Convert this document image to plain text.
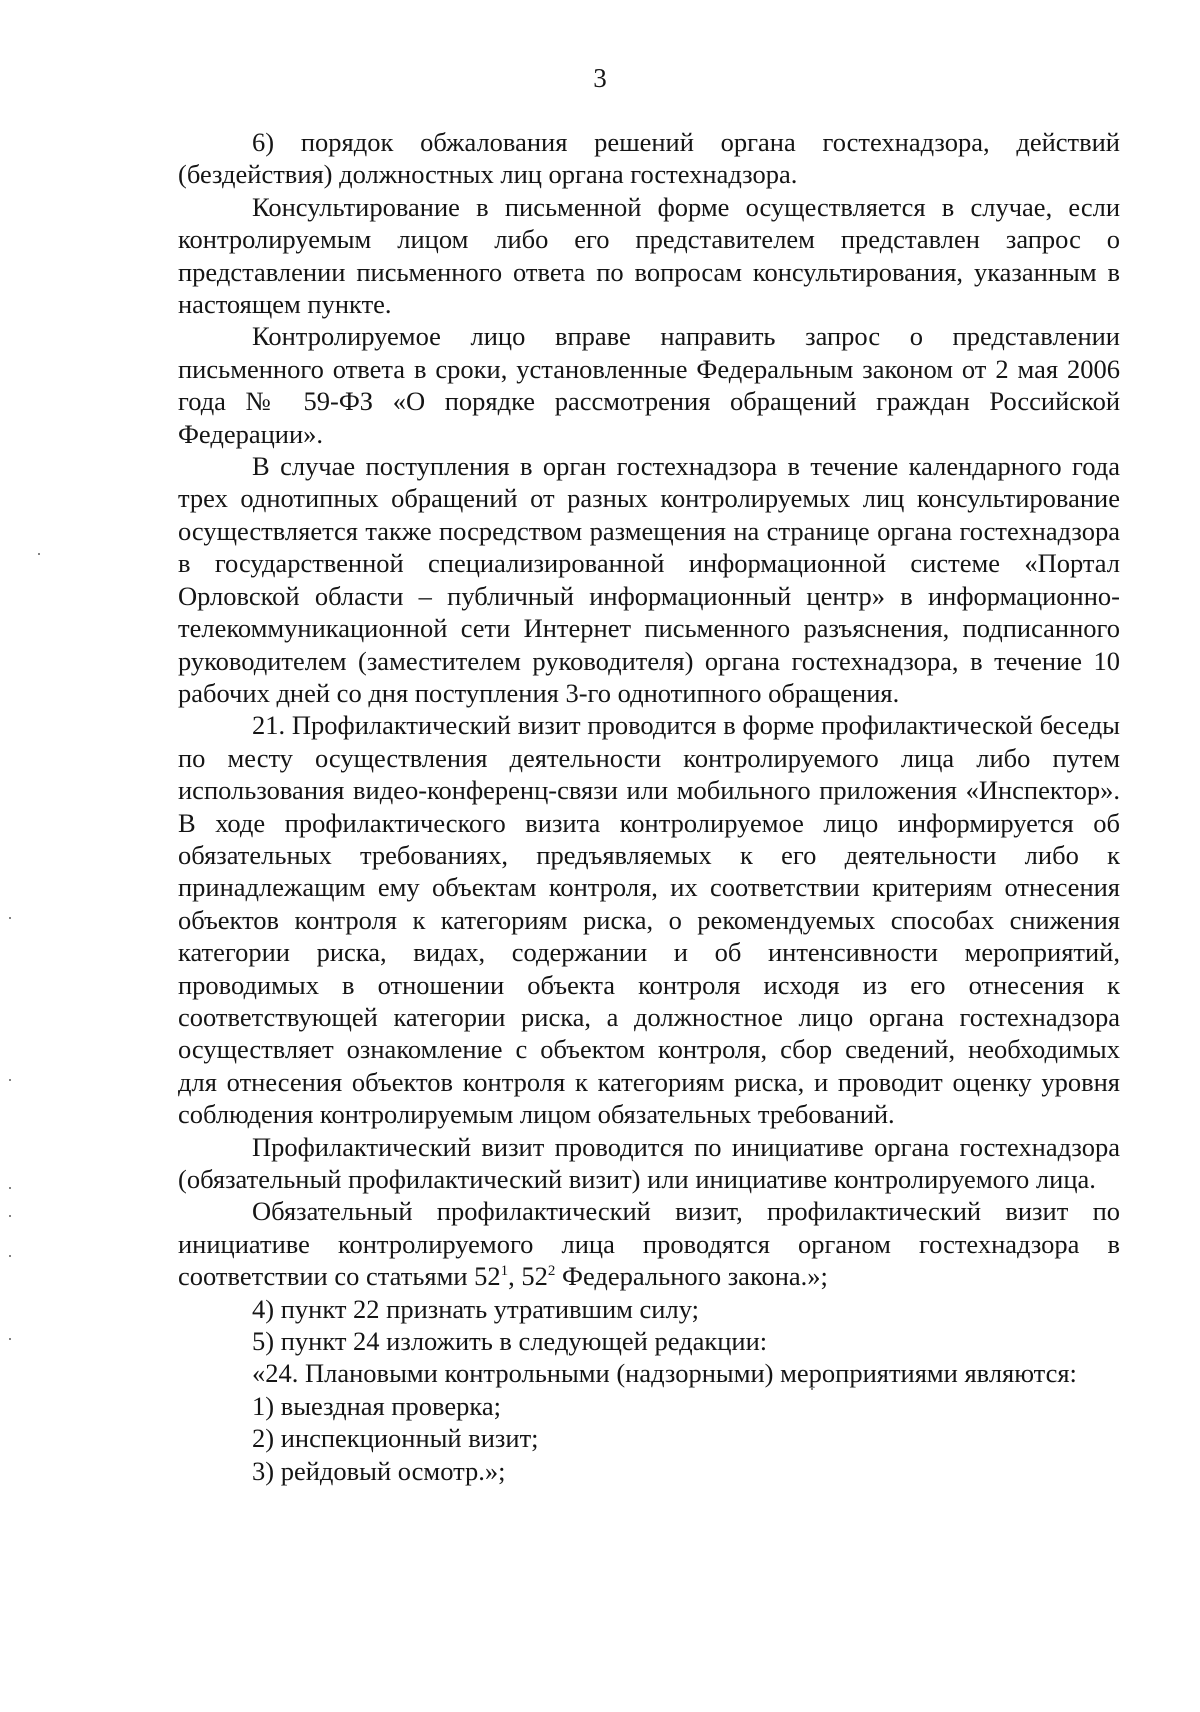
3

6) порядок обжалования решений органа гостехнадзора, действий (бездействия) должностных лиц органа гостехнадзора.

Консультирование в письменной форме осуществляется в случае, если контролируемым лицом либо его представителем представлен запрос о представлении письменного ответа по вопросам консультирования, указанным в настоящем пункте.

Контролируемое лицо вправе направить запрос о представлении письменного ответа в сроки, установленные Федеральным законом от 2 мая 2006 года № 59-ФЗ «О порядке рассмотрения обращений граждан Российской Федерации».

В случае поступления в орган гостехнадзора в течение календарного года трех однотипных обращений от разных контролируемых лиц консультирование осуществляется также посредством размещения на странице органа гостехнадзора в государственной специализированной информационной системе «Портал Орловской области – публичный информационный центр» в информационно-телекоммуникационной сети Интернет письменного разъяснения, подписанного руководителем (заместителем руководителя) органа гостехнадзора, в течение 10 рабочих дней со дня поступления 3-го однотипного обращения.

21. Профилактический визит проводится в форме профилактической беседы по месту осуществления деятельности контролируемого лица либо путем использования видео-конференц-связи или мобильного приложения «Инспектор». В ходе профилактического визита контролируемое лицо информируется об обязательных требованиях, предъявляемых к его деятельности либо к принадлежащим ему объектам контроля, их соответствии критериям отнесения объектов контроля к категориям риска, о рекомендуемых способах снижения категории риска, видах, содержании и об интенсивности мероприятий, проводимых в отношении объекта контроля исходя из его отнесения к соответствующей категории риска, а должностное лицо органа гостехнадзора осуществляет ознакомление с объектом контроля, сбор сведений, необходимых для отнесения объектов контроля к категориям риска, и проводит оценку уровня соблюдения контролируемым лицом обязательных требований.

Профилактический визит проводится по инициативе органа гостехнадзора (обязательный профилактический визит) или инициативе контролируемого лица.

Обязательный профилактический визит, профилактический визит по инициативе контролируемого лица проводятся органом гостехнадзора в соответствии со статьями $52^1$, $52^2$ Федерального закона.»;

4) пункт 22 признать утратившим силу;

5) пункт 24 изложить в следующей редакции:

«24. Плановыми контрольными (надзорными) мероприятиями являются:

1) выездная проверка;

2) инспекционный визит;

3) рейдовый осмотр.»;
